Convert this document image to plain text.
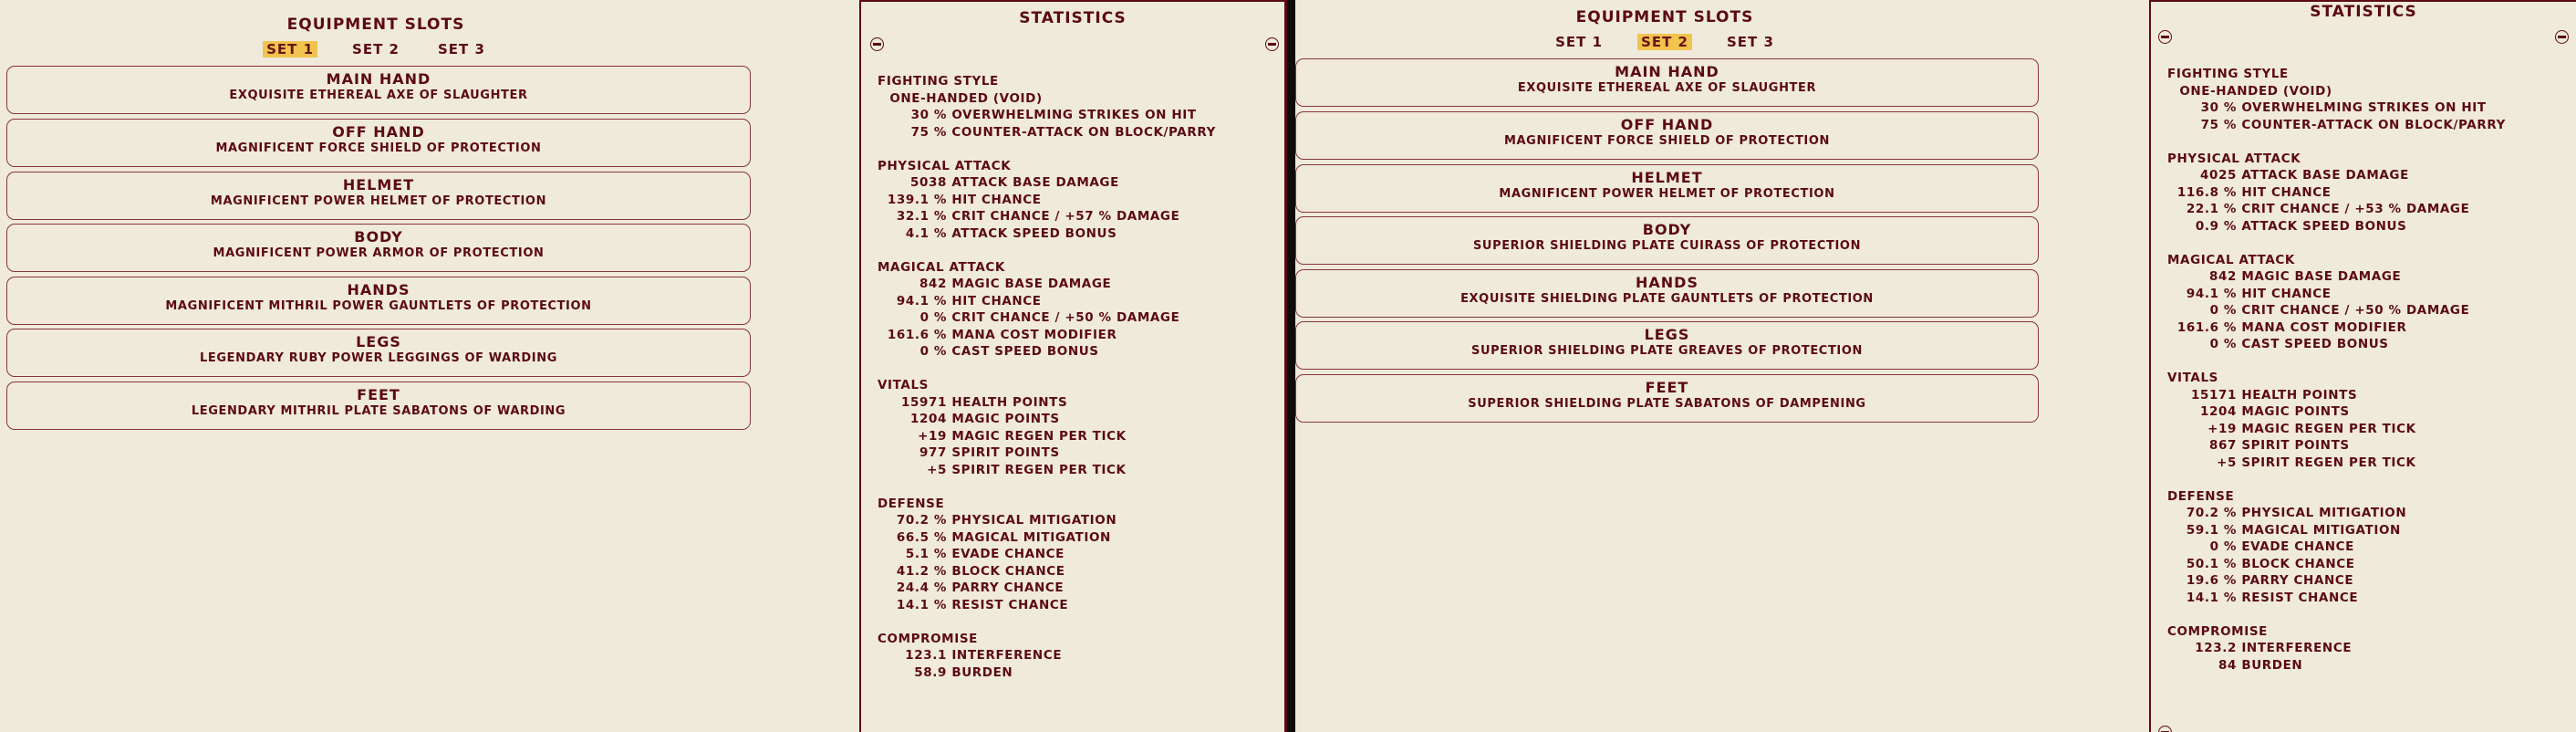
EQUIPMENT SLOTS
SET 1	SET 2	SET 3
MAIN HAND
EXQUISITE ETHEREAL AXE OF SLAUGHTER
OFF HAND
MAGNIFICENT FORCE SHIELD OF PROTECTION
HELMET
MAGNIFICENT POWER HELMET OF PROTECTION
BODY
MAGNIFICENT POWER ARMOR OF PROTECTION
HANDS
MAGNIFICENT MITHRIL POWER GAUNTLETS OF PROTECTION
LEGS
LEGENDARY RUBY POWER LEGGINGS OF WARDING
FEET
LEGENDARY MITHRIL PLATE SABATONS OF WARDING
STATISTICS
FIGHTING STYLE
ONE-HANDED (VOID)
30 % OVERWHELMING STRIKES ON HIT
75 % COUNTER-ATTACK ON BLOCK/PARRY
PHYSICAL ATTACK
5038 ATTACK BASE DAMAGE
139.1 % HIT CHANCE
32.1 % CRIT CHANCE / +57 % DAMAGE
4.1 % ATTACK SPEED BONUS
MAGICAL ATTACK
842 MAGIC BASE DAMAGE
94.1 % HIT CHANCE
0 % CRIT CHANCE / +50 % DAMAGE
161.6 % MANA COST MODIFIER
0 % CAST SPEED BONUS
VITALS
15971 HEALTH POINTS
1204 MAGIC POINTS
+19 MAGIC REGEN PER TICK
977 SPIRIT POINTS
+5 SPIRIT REGEN PER TICK
DEFENSE
70.2 % PHYSICAL MITIGATION
66.5 % MAGICAL MITIGATION
5.1 % EVADE CHANCE
41.2 % BLOCK CHANCE
24.4 % PARRY CHANCE
14.1 % RESIST CHANCE
COMPROMISE
123.1 INTERFERENCE
58.9 BURDEN
EQUIPMENT SLOTS
SET 1	SET 2	SET 3
MAIN HAND
EXQUISITE ETHEREAL AXE OF SLAUGHTER
OFF HAND
MAGNIFICENT FORCE SHIELD OF PROTECTION
HELMET
MAGNIFICENT POWER HELMET OF PROTECTION
BODY
SUPERIOR SHIELDING PLATE CUIRASS OF PROTECTION
HANDS
EXQUISITE SHIELDING PLATE GAUNTLETS OF PROTECTION
LEGS
SUPERIOR SHIELDING PLATE GREAVES OF PROTECTION
FEET
SUPERIOR SHIELDING PLATE SABATONS OF DAMPENING
STATISTICS
FIGHTING STYLE
ONE-HANDED (VOID)
30 % OVERWHELMING STRIKES ON HIT
75 % COUNTER-ATTACK ON BLOCK/PARRY
PHYSICAL ATTACK
4025 ATTACK BASE DAMAGE
116.8 % HIT CHANCE
22.1 % CRIT CHANCE / +53 % DAMAGE
0.9 % ATTACK SPEED BONUS
MAGICAL ATTACK
842 MAGIC BASE DAMAGE
94.1 % HIT CHANCE
0 % CRIT CHANCE / +50 % DAMAGE
161.6 % MANA COST MODIFIER
0 % CAST SPEED BONUS
VITALS
15171 HEALTH POINTS
1204 MAGIC POINTS
+19 MAGIC REGEN PER TICK
867 SPIRIT POINTS
+5 SPIRIT REGEN PER TICK
DEFENSE
70.2 % PHYSICAL MITIGATION
59.1 % MAGICAL MITIGATION
0 % EVADE CHANCE
50.1 % BLOCK CHANCE
19.6 % PARRY CHANCE
14.1 % RESIST CHANCE
COMPROMISE
123.2 INTERFERENCE
84 BURDEN
